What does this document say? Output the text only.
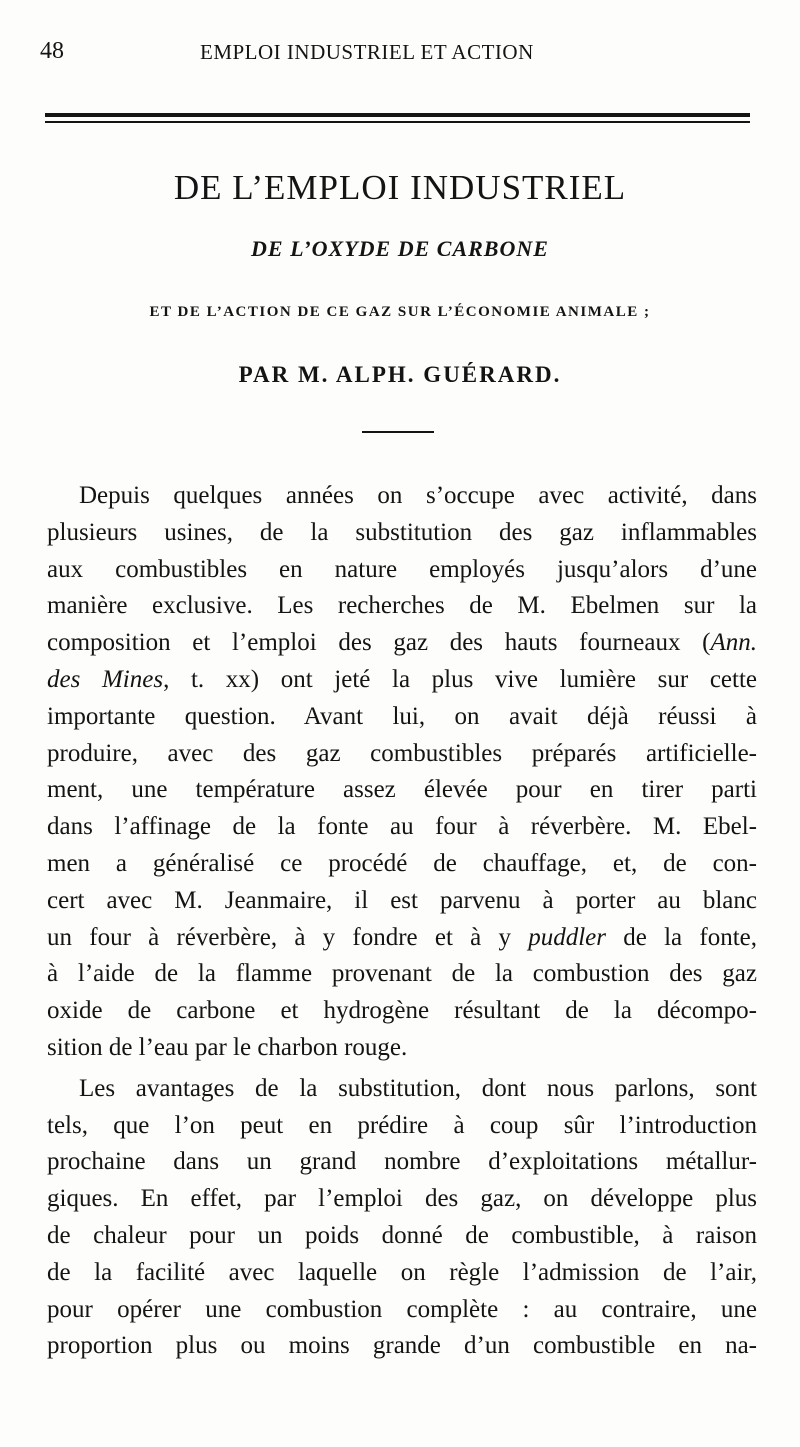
48	EMPLOI INDUSTRIEL ET ACTION
DE L’EMPLOI INDUSTRIEL
DE L’OXYDE DE CARBONE
ET DE L’ACTION DE CE GAZ SUR L’ÉCONOMIE ANIMALE ;
PAR M. ALPH. GUÉRARD.
Depuis quelques années on s’occupe avec activité, dans
plusieurs usines, de la substitution des gaz inflammables
aux combustibles en nature employés jusqu’alors d’une
manière exclusive. Les recherches de M. Ebelmen sur la
composition et l’emploi des gaz des hauts fourneaux (Ann.
des Mines, t. xx) ont jeté la plus vive lumière sur cette
importante question. Avant lui, on avait déjà réussi à
produire, avec des gaz combustibles préparés artificielle-
ment, une température assez élevée pour en tirer parti
dans l’affinage de la fonte au four à réverbère. M. Ebel-
men a généralisé ce procédé de chauffage, et, de con-
cert avec M. Jeanmaire, il est parvenu à porter au blanc
un four à réverbère, à y fondre et à y puddler de la fonte,
à l’aide de la flamme provenant de la combustion des gaz
oxide de carbone et hydrogène résultant de la décompo-
sition de l’eau par le charbon rouge.
Les avantages de la substitution, dont nous parlons, sont
tels, que l’on peut en prédire à coup sûr l’introduction
prochaine dans un grand nombre d’exploitations métallur-
giques. En effet, par l’emploi des gaz, on développe plus
de chaleur pour un poids donné de combustible, à raison
de la facilité avec laquelle on règle l’admission de l’air,
pour opérer une combustion complète : au contraire, une
proportion plus ou moins grande d’un combustible en na-
